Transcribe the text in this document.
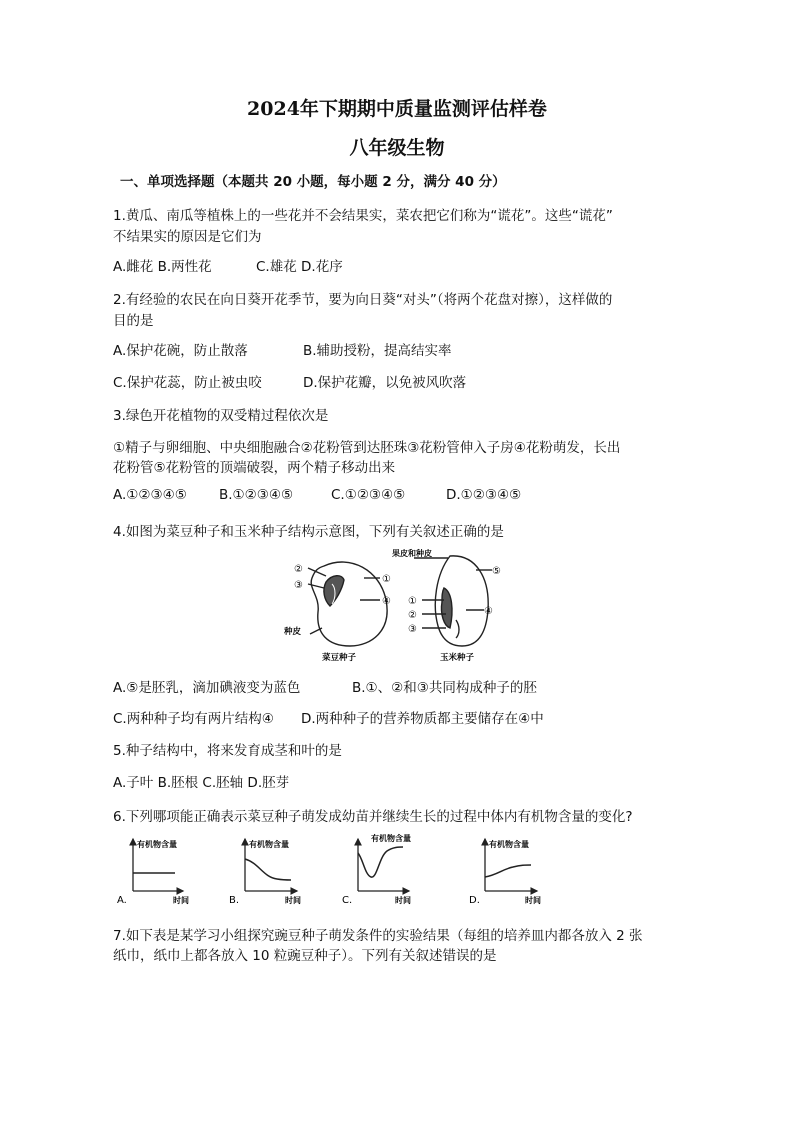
2024年下期期中质量监测评估样卷
八年级生物
一、单项选择题（本题共 20 小题，每小题 2 分，满分 40 分）
1.黄瓜、南瓜等植株上的一些花并不会结果实，菜农把它们称为“谎花”。这些“谎花”
不结果实的原因是它们为
A.雌花 B.两性花	C.雄花 D.花序
2.有经验的农民在向日葵开花季节，要为向日葵“对头”（将两个花盘对擦），这样做的
目的是
A.保护花碗，防止散落	B.辅助授粉，提高结实率
C.保护花蕊，防止被虫咬	D.保护花瓣，以免被风吹落
3.绿色开花植物的双受精过程依次是
①精子与卵细胞、中央细胞融合②花粉管到达胚珠③花粉管伸入子房④花粉萌发，长出
花粉管⑤花粉管的顶端破裂，两个精子移动出来
A.①②③④⑤ B.①②③④⑤	C.①②③④⑤	D.①②③④⑤
4.如图为菜豆种子和玉米种子结构示意图，下列有关叙述正确的是
②
③
①
④
种皮
菜豆种子
果皮和种皮
⑤
①
②
③
④
玉米种子
A.⑤是胚乳，滴加碘液变为蓝色	B.①、②和③共同构成种子的胚
C.两种种子均有两片结构④ D.两种种子的营养物质都主要储存在④中
5.种子结构中，将来发育成茎和叶的是
A.子叶 B.胚根 C.胚轴 D.胚芽
6.下列哪项能正确表示菜豆种子萌发成幼苗并继续生长的过程中体内有机物含量的变化?
A.
有机物含量
时间	B.
有机物含量
时间	C.
有机物含量
时间	D.
有机物含量
时间
7.如下表是某学习小组探究豌豆种子萌发条件的实验结果（每组的培养皿内都各放入 2 张
纸巾，纸巾上都各放入 10 粒豌豆种子）。下列有关叙述错误的是
